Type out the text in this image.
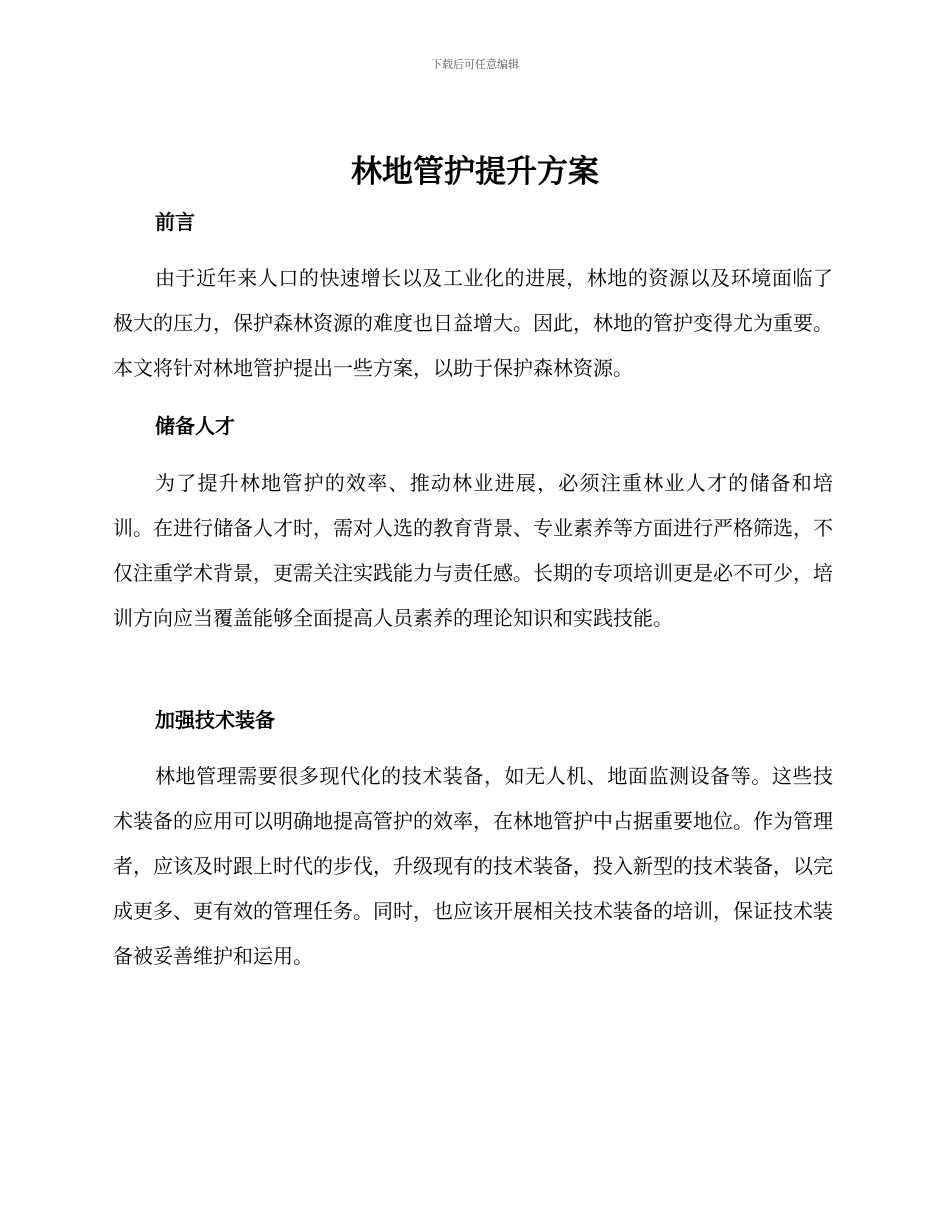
下载后可任意编辑
林地管护提升方案
前言

由于近年来人口的快速增长以及工业化的进展，林地的资源以及环境面临了极大的压力，保护森林资源的难度也日益增大。因此，林地的管护变得尤为重要。本文将针对林地管护提出一些方案，以助于保护森林资源。

储备人才

为了提升林地管护的效率、推动林业进展，必须注重林业人才的储备和培训。在进行储备人才时，需对人选的教育背景、专业素养等方面进行严格筛选，不仅注重学术背景，更需关注实践能力与责任感。长期的专项培训更是必不可少，培训方向应当覆盖能够全面提高人员素养的理论知识和实践技能。

加强技术装备

林地管理需要很多现代化的技术装备，如无人机、地面监测设备等。这些技术装备的应用可以明确地提高管护的效率，在林地管护中占据重要地位。作为管理者，应该及时跟上时代的步伐，升级现有的技术装备，投入新型的技术装备，以完成更多、更有效的管理任务。同时，也应该开展相关技术装备的培训，保证技术装备被妥善维护和运用。
